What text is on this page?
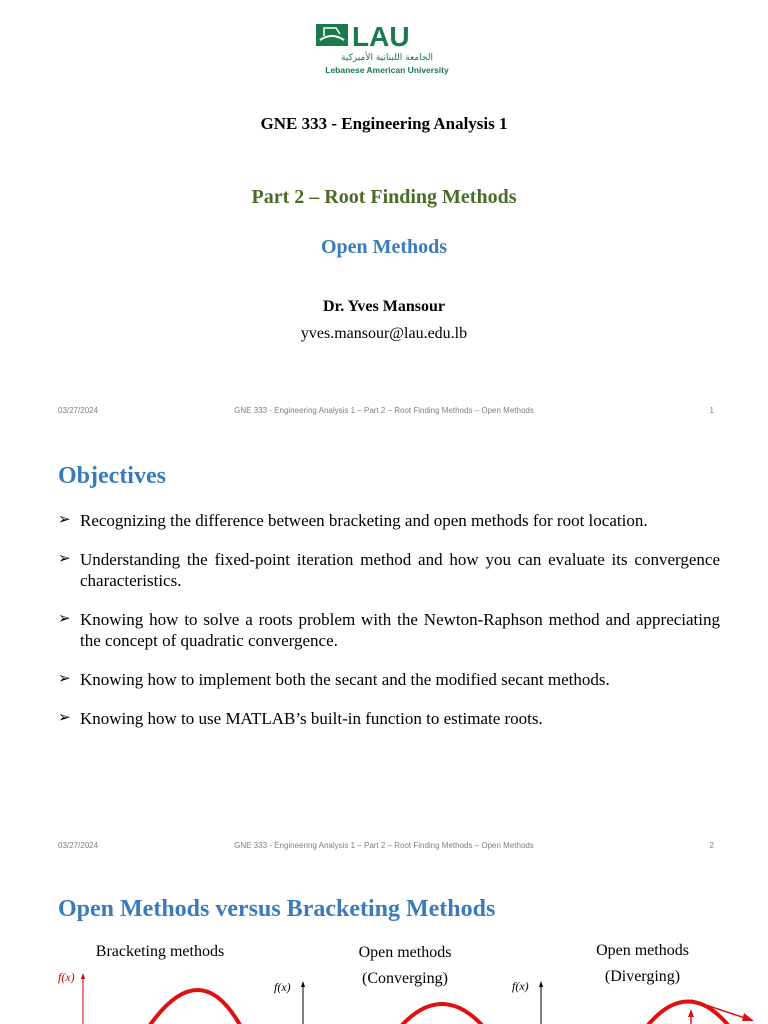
LAU
الجامعة اللبنانية الأميركية
Lebanese American University
GNE 333 - Engineering Analysis 1
Part 2 – Root Finding Methods
Open Methods
Dr. Yves Mansour
yves.mansour@lau.edu.lb
03/27/2024	GNE 333 - Engineering Analysis 1 – Part 2 – Root Finding Methods – Open Methods	1
Objectives
➢ Recognizing the difference between bracketing and open methods for root location.
➢ Understanding the fixed-point iteration method and how you can evaluate its convergence characteristics.
➢ Knowing how to solve a roots problem with the Newton-Raphson method and appreciating the concept of quadratic convergence.
➢ Knowing how to implement both the secant and the modified secant methods.
➢ Knowing how to use MATLAB’s built-in function to estimate roots.
03/27/2024	GNE 333 - Engineering Analysis 1 – Part 2 – Root Finding Methods – Open Methods	2
Open Methods versus Bracketing Methods
Bracketing methods	Open methods
(Converging)
Open methods
(Diverging)
f(x)
f(x)	f(x)
